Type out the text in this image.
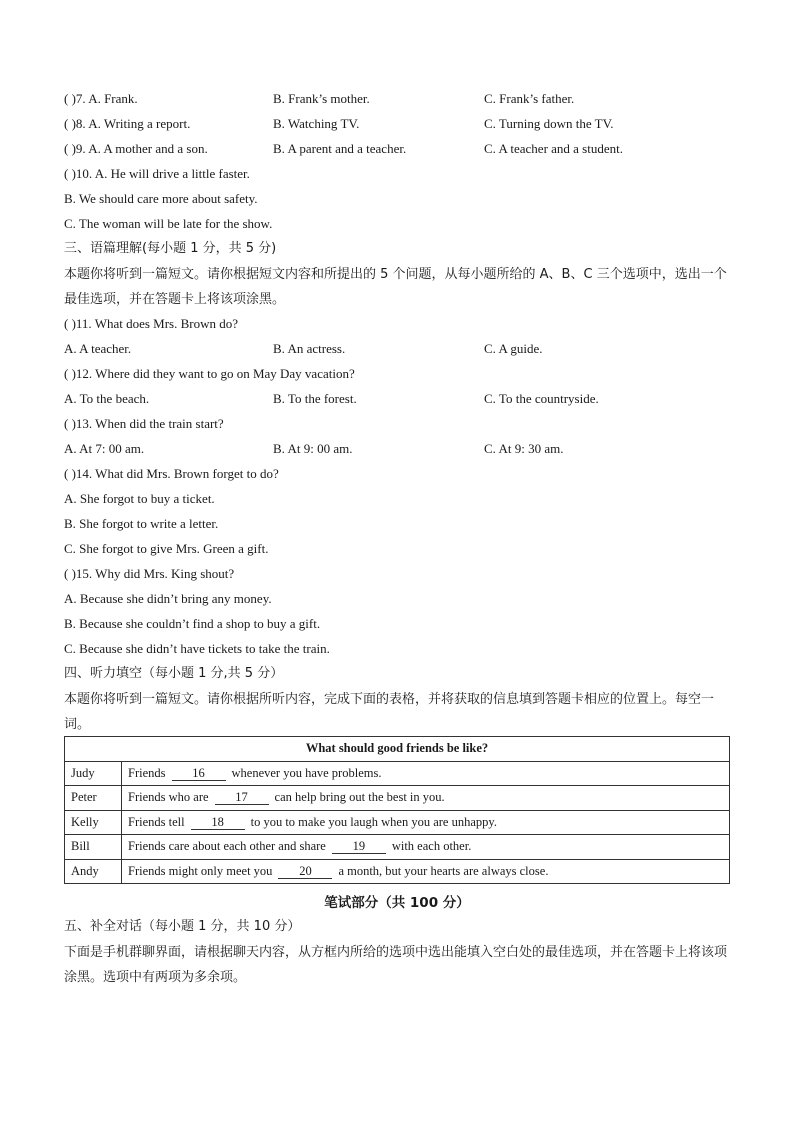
( )7. A. Frank.	B. Frank’s mother.	C. Frank’s father.
( )8. A. Writing a report.	B. Watching TV.	C. Turning down the TV.
( )9. A. A mother and a son.	B. A parent and a teacher.	C. A teacher and a student.
( )10. A. He will drive a little faster.
B. We should care more about safety.
C. The woman will be late for the show.
三、语篇理解(每小题 1 分，共 5 分)
本题你将听到一篇短文。请你根据短文内容和所提出的 5 个问题，从每小题所给的 A、B、C 三个选项中，选出一个最佳选项，并在答题卡上将该项涂黑。
( )11. What does Mrs. Brown do?
A. A teacher.	B. An actress.	C. A guide.
( )12. Where did they want to go on May Day vacation?
A. To the beach.	B. To the forest.	C. To the countryside.
( )13. When did the train start?
A. At 7: 00 am.	B. At 9: 00 am.	C. At 9: 30 am.
( )14. What did Mrs. Brown forget to do?
A. She forgot to buy a ticket.
B. She forgot to write a letter.
C. She forgot to give Mrs. Green a gift.
( )15. Why did Mrs. King shout?
A. Because she didn’t bring any money.
B. Because she couldn’t find a shop to buy a gift.
C. Because she didn’t have tickets to take the train.
四、听力填空（每小题 1 分,共 5 分）
本题你将听到一篇短文。请你根据所听内容，完成下面的表格，并将获取的信息填到答题卡相应的位置上。每空一词。
What should good friends be like?	
Judy	Friends 16 whenever you have problems.
Peter	Friends who are 17 can help bring out the best in you.
Kelly	Friends tell 18 to you to make you laugh when you are unhappy.
Bill	Friends care about each other and share 19 with each other.
Andy	Friends might only meet you 20 a month, but your hearts are always close.
笔试部分（共 100 分）
五、补全对话（每小题 1 分，共 10 分）
下面是手机群聊界面，请根据聊天内容，从方框内所给的选项中选出能填入空白处的最佳选项，并在答题卡上将该项涂黑。选项中有两项为多余项。
